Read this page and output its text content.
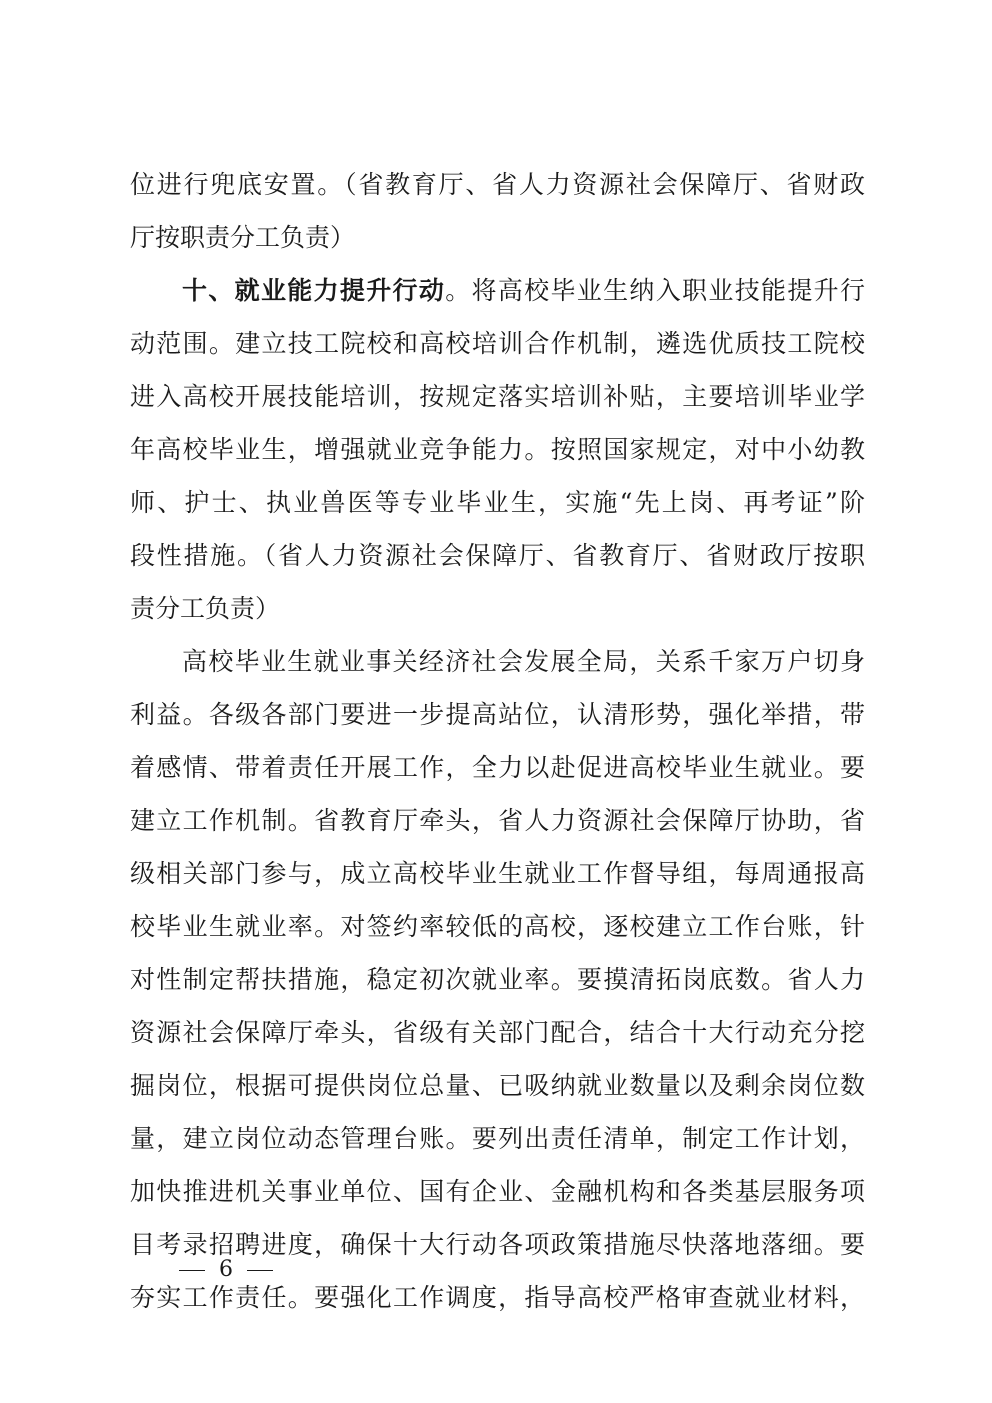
位进行兜底安置。（省教育厅、省人力资源社会保障厅、省财政
厅按职责分工负责）
十、就业能力提升行动。将高校毕业生纳入职业技能提升行
动范围。建立技工院校和高校培训合作机制，遴选优质技工院校
进入高校开展技能培训，按规定落实培训补贴，主要培训毕业学
年高校毕业生，增强就业竞争能力。按照国家规定，对中小幼教
师、护士、执业兽医等专业毕业生，实施“先上岗、再考证”阶
段性措施。（省人力资源社会保障厅、省教育厅、省财政厅按职
责分工负责）
高校毕业生就业事关经济社会发展全局，关系千家万户切身
利益。各级各部门要进一步提高站位，认清形势，强化举措，带
着感情、带着责任开展工作，全力以赴促进高校毕业生就业。要
建立工作机制。省教育厅牵头，省人力资源社会保障厅协助，省
级相关部门参与，成立高校毕业生就业工作督导组，每周通报高
校毕业生就业率。对签约率较低的高校，逐校建立工作台账，针
对性制定帮扶措施，稳定初次就业率。要摸清拓岗底数。省人力
资源社会保障厅牵头，省级有关部门配合，结合十大行动充分挖
掘岗位，根据可提供岗位总量、已吸纳就业数量以及剩余岗位数
量，建立岗位动态管理台账。要列出责任清单，制定工作计划，
加快推进机关事业单位、国有企业、金融机构和各类基层服务项
目考录招聘进度，确保十大行动各项政策措施尽快落地落细。要
夯实工作责任。要强化工作调度，指导高校严格审查就业材料，
6
